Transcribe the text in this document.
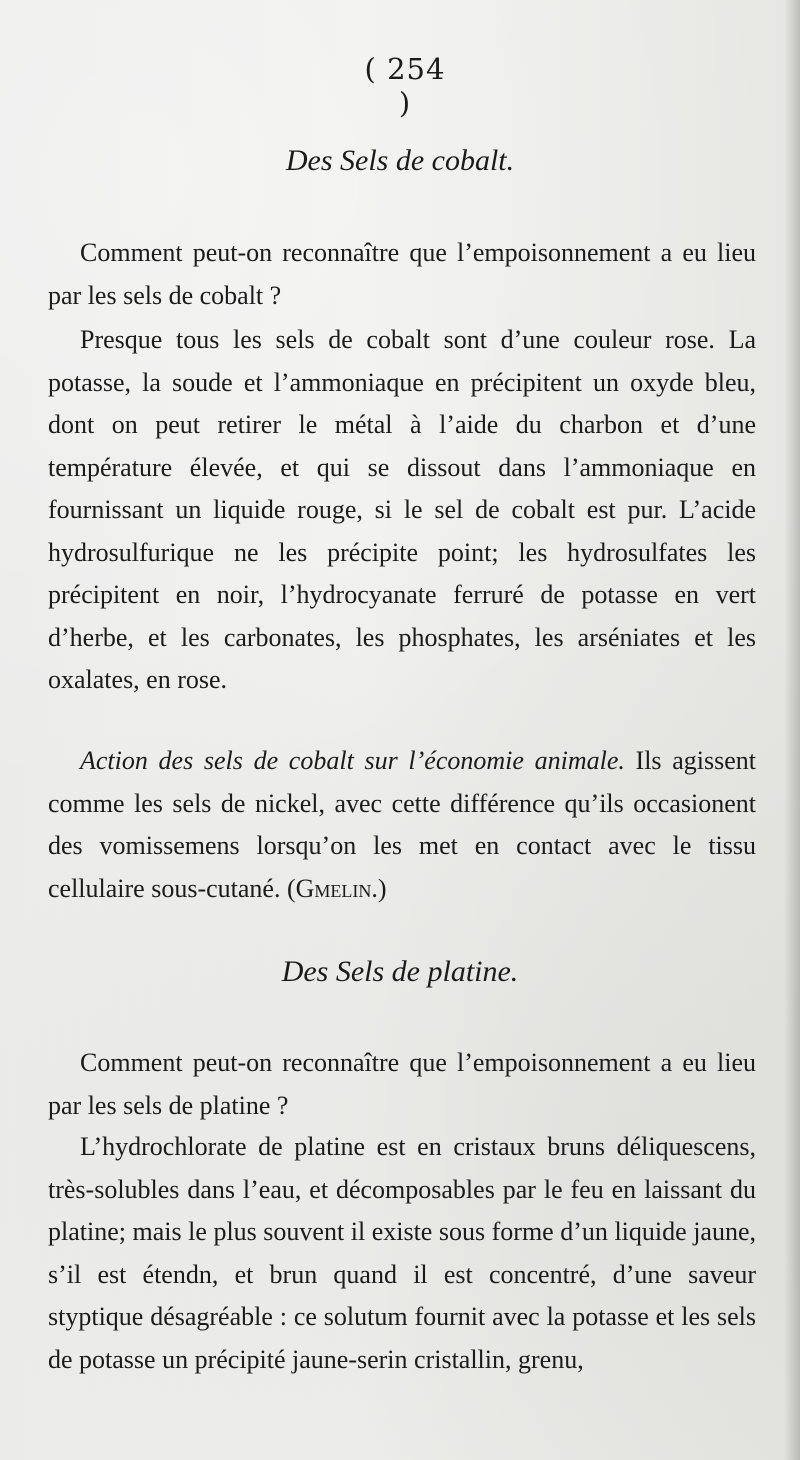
( 254 )
Des Sels de cobalt.

Comment peut-on reconnaître que l’empoisonnement a eu lieu par les sels de cobalt ?

Presque tous les sels de cobalt sont d’une couleur rose. La potasse, la soude et l’ammoniaque en précipitent un oxyde bleu, dont on peut retirer le métal à l’aide du charbon et d’une température élevée, et qui se dissout dans l’ammoniaque en fournissant un liquide rouge, si le sel de cobalt est pur. L’acide hydrosulfurique ne les précipite point; les hydrosulfates les précipitent en noir, l’hydrocyanate ferruré de potasse en vert d’herbe, et les carbonates, les phosphates, les arséniates et les oxalates, en rose.

Action des sels de cobalt sur l’économie animale. Ils agissent comme les sels de nickel, avec cette différence qu’ils occasionent des vomissemens lorsqu’on les met en contact avec le tissu cellulaire sous-cutané. (Gmelin.)

Des Sels de platine.

Comment peut-on reconnaître que l’empoisonnement a eu lieu par les sels de platine ?

L’hydrochlorate de platine est en cristaux bruns déliquescens, très-solubles dans l’eau, et décomposables par le feu en laissant du platine; mais le plus souvent il existe sous forme d’un liquide jaune, s’il est étendn, et brun quand il est concentré, d’une saveur styptique désagréable : ce solutum fournit avec la potasse et les sels de potasse un précipité jaune-serin cristallin, grenu,
